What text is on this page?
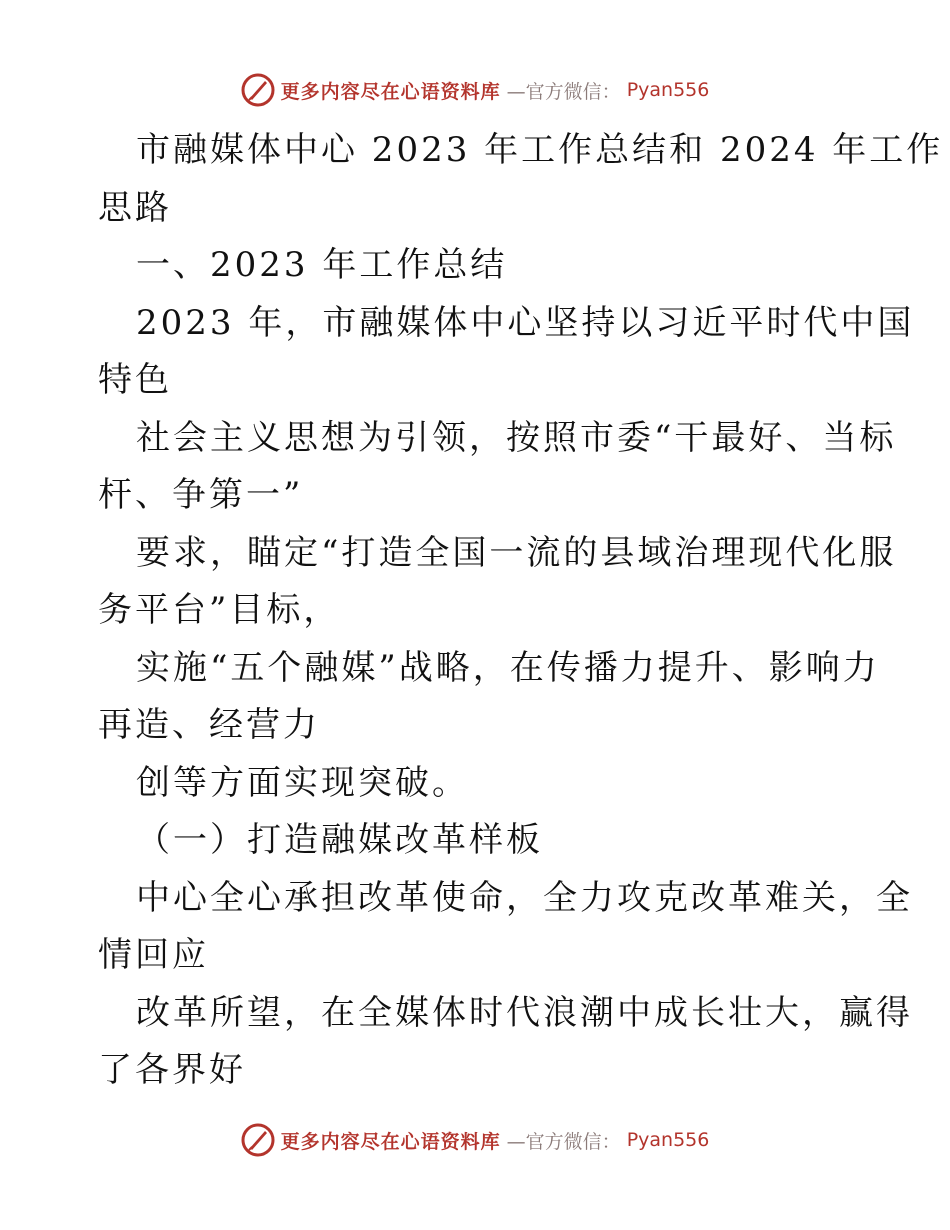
更多内容尽在心语资料库 —官方微信： Pyan556
市融媒体中心 2023 年工作总结和 2024 年工作
思路
一、2023 年工作总结
2023 年，市融媒体中心坚持以习近平时代中国
特色
社会主义思想为引领，按照市委“干最好、当标
杆、争第一”
要求，瞄定“打造全国一流的县域治理现代化服
务平台”目标，
实施“五个融媒”战略，在传播力提升、影响力
再造、经营力
创等方面实现突破。
（一）打造融媒改革样板
中心全心承担改革使命，全力攻克改革难关，全
情回应
改革所望，在全媒体时代浪潮中成长壮大，赢得
了各界好
更多内容尽在心语资料库 —官方微信： Pyan556
